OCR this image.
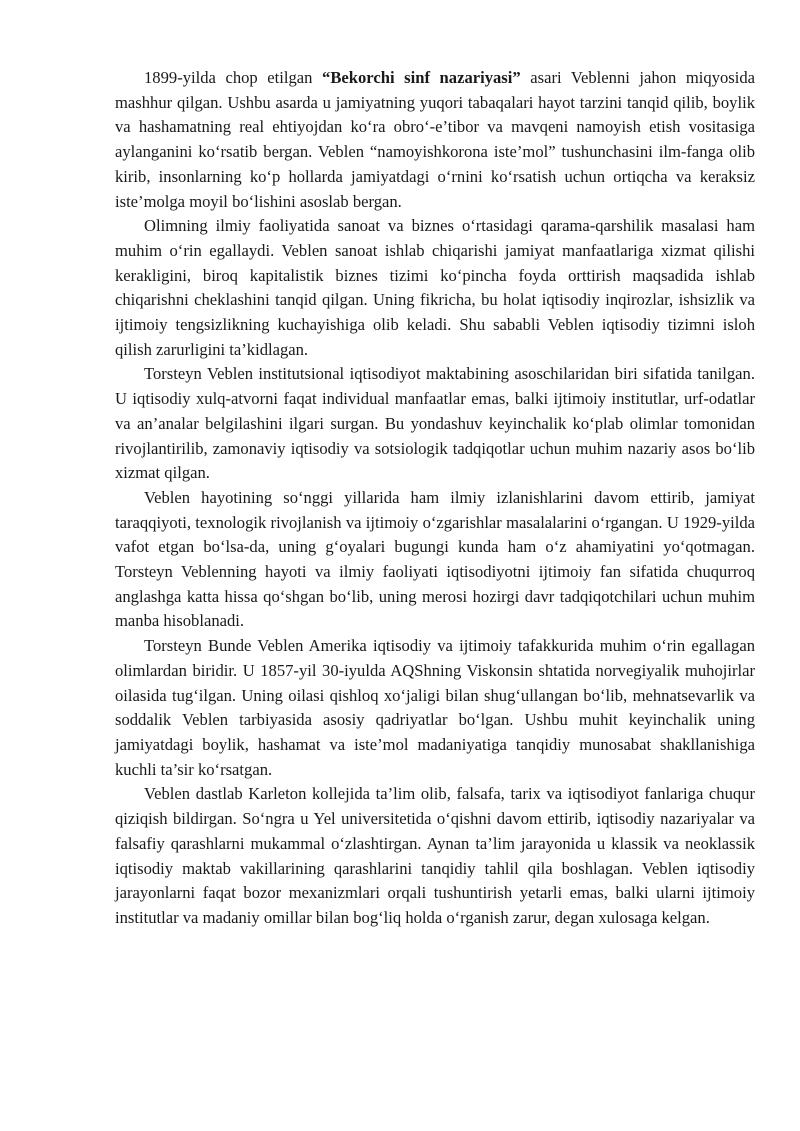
1899-yilda chop etilgan “Bekorchi sinf nazariyasi” asari Veblenni jahon miqyosida mashhur qilgan. Ushbu asarda u jamiyatning yuqori tabaqalari hayot tarzini tanqid qilib, boylik va hashamatning real ehtiyojdan ko‘ra obro‘-e’tibor va mavqeni namoyish etish vositasiga aylanganini ko‘rsatib bergan. Veblen “namoyishkorona iste’mol” tushunchasini ilm-fanga olib kirib, insonlarning ko‘p hollarda jamiyatdagi o‘rnini ko‘rsatish uchun ortiqcha va keraksiz iste’molga moyil bo‘lishini asoslab bergan.

Olimning ilmiy faoliyatida sanoat va biznes o‘rtasidagi qarama-qarshilik masalasi ham muhim o‘rin egallaydi. Veblen sanoat ishlab chiqarishi jamiyat manfaatlariga xizmat qilishi kerakligini, biroq kapitalistik biznes tizimi ko‘pincha foyda orttirish maqsadida ishlab chiqarishni cheklashini tanqid qilgan. Uning fikricha, bu holat iqtisodiy inqirozlar, ishsizlik va ijtimoiy tengsizlikning kuchayishiga olib keladi. Shu sababli Veblen iqtisodiy tizimni isloh qilish zarurligini ta’kidlagan.

Torsteyn Veblen institutsional iqtisodiyot maktabining asoschilaridan biri sifatida tanilgan. U iqtisodiy xulq-atvorni faqat individual manfaatlar emas, balki ijtimoiy institutlar, urf-odatlar va an’analar belgilashini ilgari surgan. Bu yondashuv keyinchalik ko‘plab olimlar tomonidan rivojlantirilib, zamonaviy iqtisodiy va sotsiologik tadqiqotlar uchun muhim nazariy asos bo‘lib xizmat qilgan.

Veblen hayotining so‘nggi yillarida ham ilmiy izlanishlarini davom ettirib, jamiyat taraqqiyoti, texnologik rivojlanish va ijtimoiy o‘zgarishlar masalalarini o‘rgangan. U 1929-yilda vafot etgan bo‘lsa-da, uning g‘oyalari bugungi kunda ham o‘z ahamiyatini yo‘qotmagan. Torsteyn Veblenning hayoti va ilmiy faoliyati iqtisodiyotni ijtimoiy fan sifatida chuqurroq anglashga katta hissa qo‘shgan bo‘lib, uning merosi hozirgi davr tadqiqotchilari uchun muhim manba hisoblanadi.

Torsteyn Bunde Veblen Amerika iqtisodiy va ijtimoiy tafakkurida muhim o‘rin egallagan olimlardan biridir. U 1857-yil 30-iyulda AQShning Viskonsin shtatida norvegiyalik muhojirlar oilasida tug‘ilgan. Uning oilasi qishloq xo‘jaligi bilan shug‘ullangan bo‘lib, mehnatsevarlik va soddalik Veblen tarbiyasida asosiy qadriyatlar bo‘lgan. Ushbu muhit keyinchalik uning jamiyatdagi boylik, hashamat va iste’mol madaniyatiga tanqidiy munosabat shakllanishiga kuchli ta’sir ko‘rsatgan.

Veblen dastlab Karleton kollejida ta’lim olib, falsafa, tarix va iqtisodiyot fanlariga chuqur qiziqish bildirgan. So‘ngra u Yel universitetida o‘qishni davom ettirib, iqtisodiy nazariyalar va falsafiy qarashlarni mukammal o‘zlashtirgan. Aynan ta’lim jarayonida u klassik va neoklassik iqtisodiy maktab vakillarining qarashlarini tanqidiy tahlil qila boshlagan. Veblen iqtisodiy jarayonlarni faqat bozor mexanizmlari orqali tushuntirish yetarli emas, balki ularni ijtimoiy institutlar va madaniy omillar bilan bog‘liq holda o‘rganish zarur, degan xulosaga kelgan.
